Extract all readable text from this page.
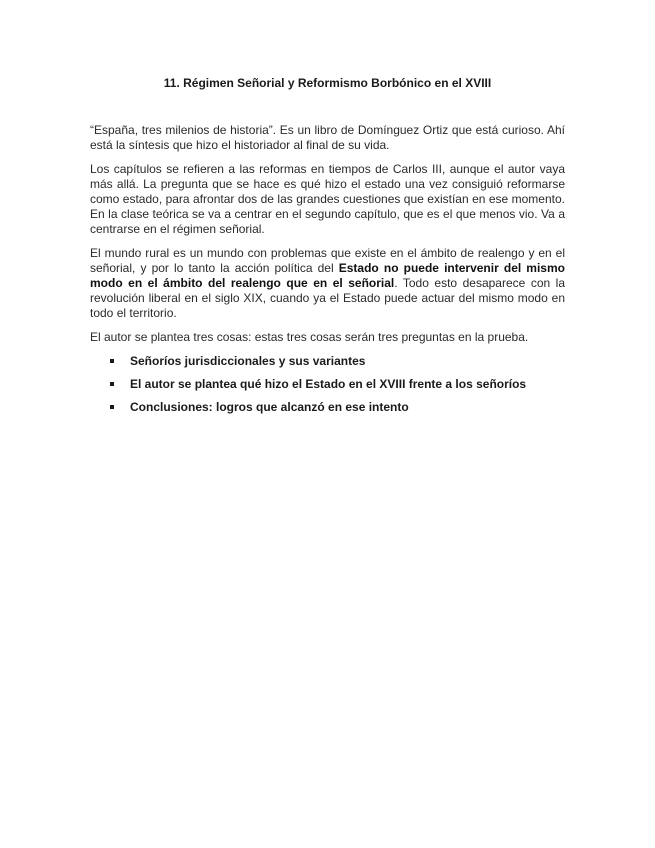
11. Régimen Señorial y Reformismo Borbónico en el XVIII

“España, tres milenios de historia”. Es un libro de Domínguez Ortiz que está curioso. Ahí está la síntesis que hizo el historiador al final de su vida.

Los capítulos se refieren a las reformas en tiempos de Carlos III, aunque el autor vaya más allá. La pregunta que se hace es qué hizo el estado una vez consiguió reformarse como estado, para afrontar dos de las grandes cuestiones que existían en ese momento. En la clase teórica se va a centrar en el segundo capítulo, que es el que menos vio. Va a centrarse en el régimen señorial.

El mundo rural es un mundo con problemas que existe en el ámbito de realengo y en el señorial, y por lo tanto la acción política del Estado no puede intervenir del mismo modo en el ámbito del realengo que en el señorial. Todo esto desaparece con la revolución liberal en el siglo XIX, cuando ya el Estado puede actuar del mismo modo en todo el territorio.

El autor se plantea tres cosas: estas tres cosas serán tres preguntas en la prueba.

Señoríos jurisdiccionales y sus variantes
El autor se plantea qué hizo el Estado en el XVIII frente a los señoríos
Conclusiones: logros que alcanzó en ese intento
